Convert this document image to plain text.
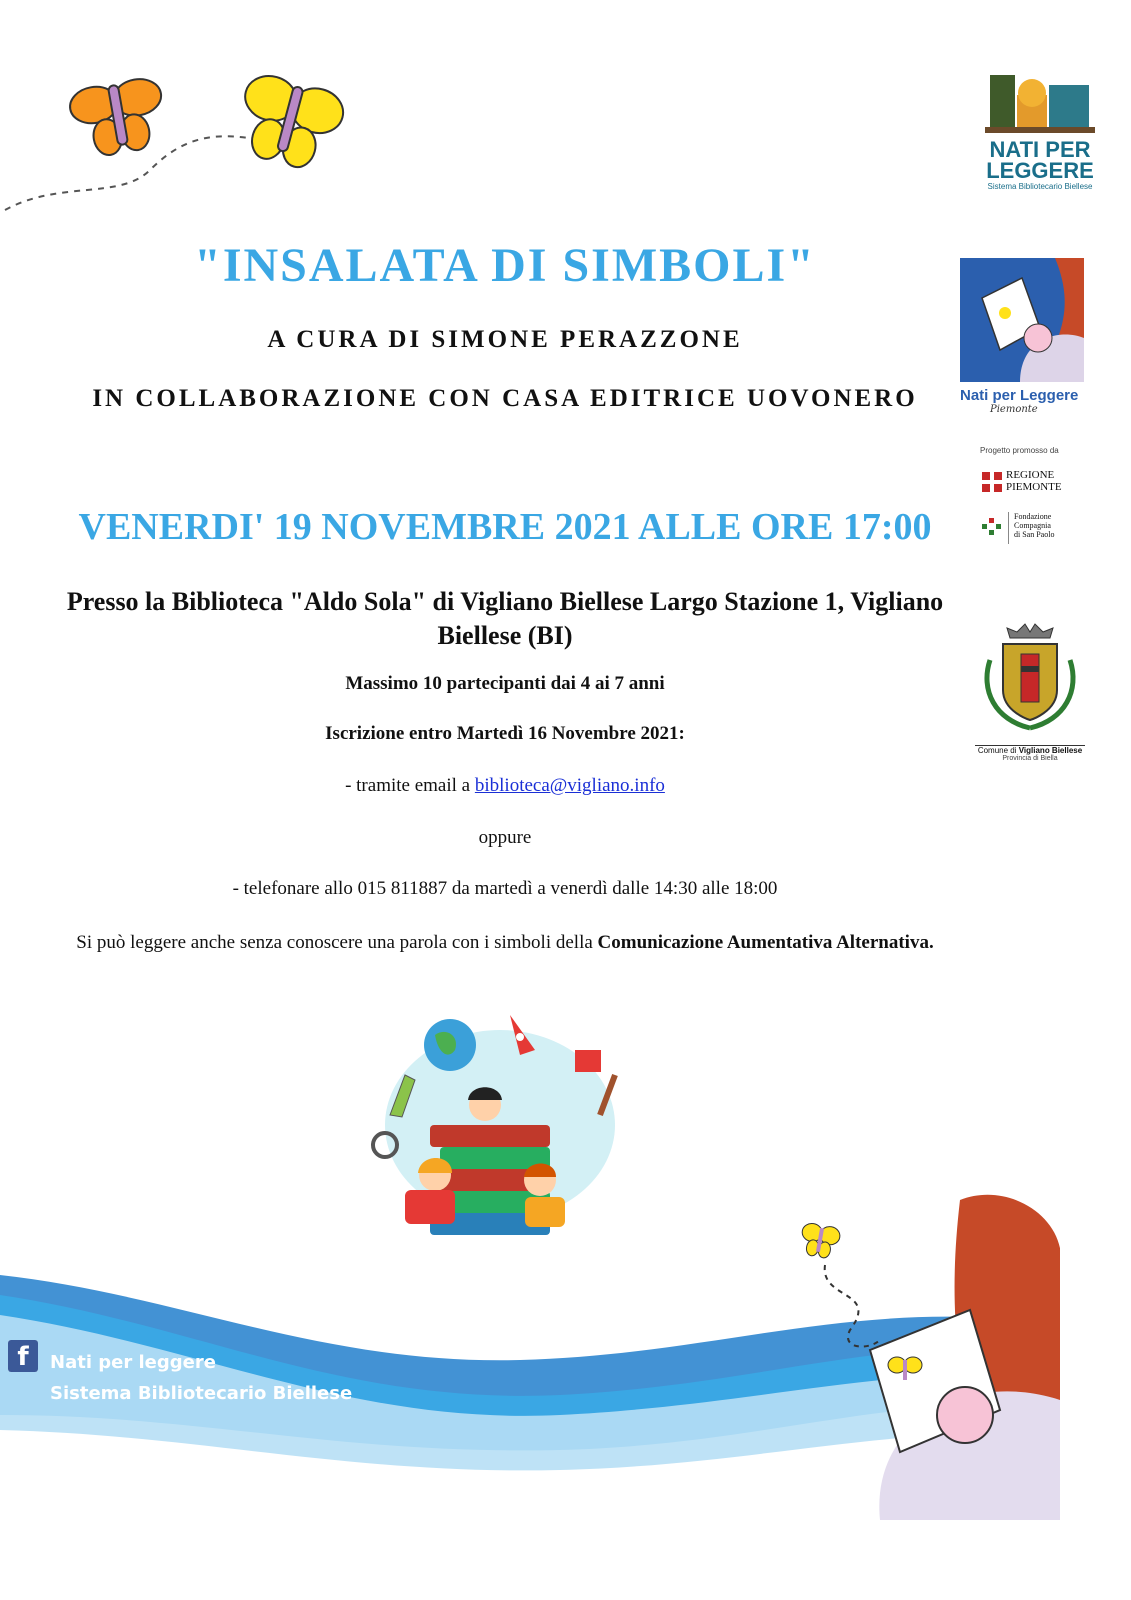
NATI PER
LEGGERE
Sistema Bibliotecario Biellese
Nati per Leggere
Piemonte
Progetto promosso da
REGIONE
PIEMONTE
Fondazione
Compagnia
di San Paolo
Comune di Vigliano Biellese
Provincia di Biella
"INSALATA DI SIMBOLI"
A CURA DI SIMONE PERAZZONE
IN COLLABORAZIONE CON CASA EDITRICE UOVONERO
VENERDI' 19 NOVEMBRE 2021 ALLE ORE 17:00
Presso la Biblioteca "Aldo Sola" di Vigliano Biellese Largo Stazione 1, Vigliano Biellese (BI)
Massimo 10 partecipanti dai 4 ai 7 anni
Iscrizione entro Martedì 16 Novembre 2021:
- tramite email a biblioteca@vigliano.info
oppure
- telefonare allo 015 811887 da martedì a venerdì dalle 14:30 alle 18:00
Si può leggere anche senza conoscere una parola con i simboli della Comunicazione Aumentativa Alternativa.
f	Nati per leggere
Sistema Bibliotecario Biellese
